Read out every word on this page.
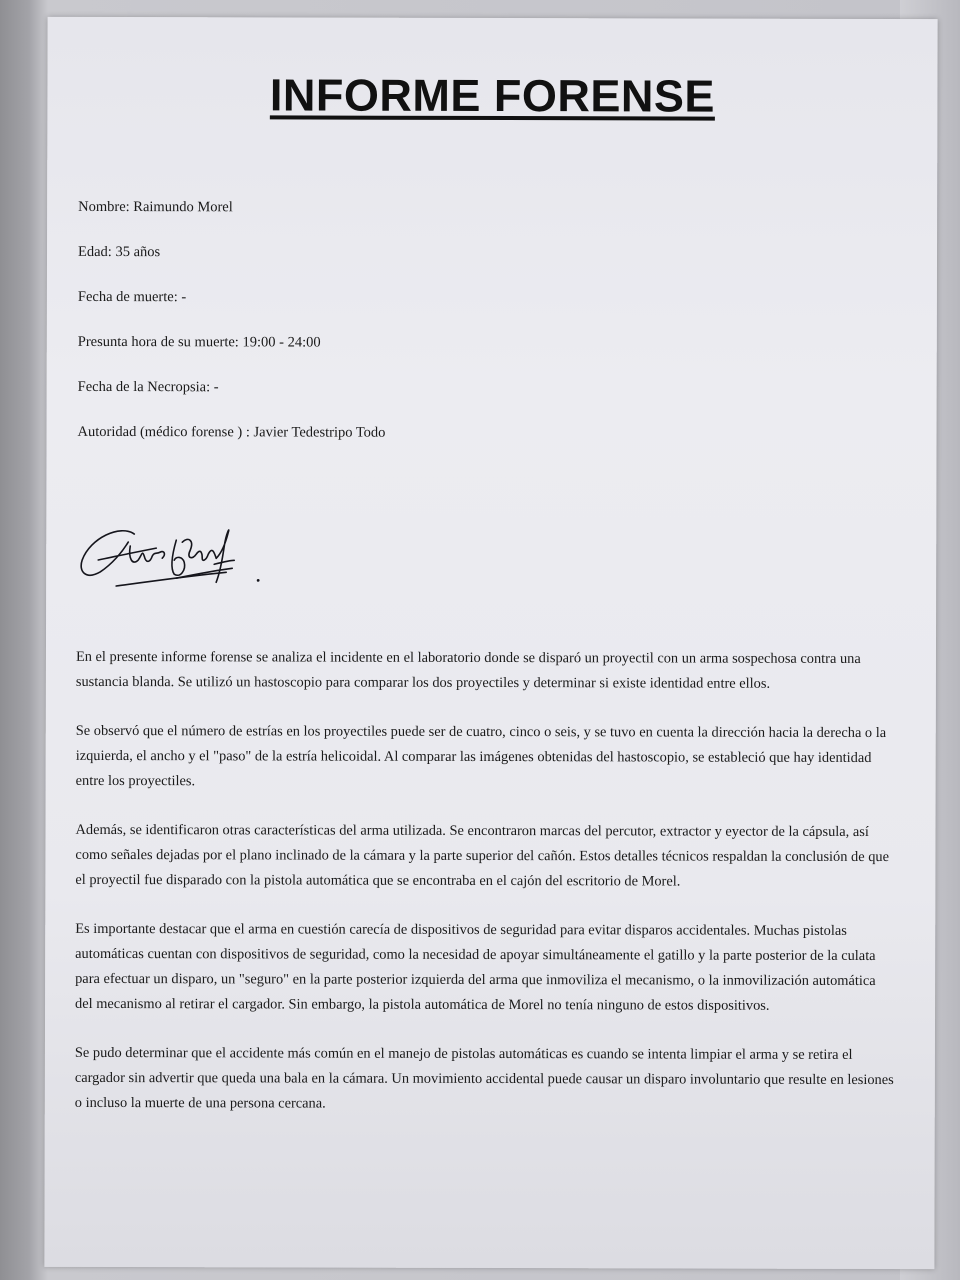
INFORME FORENSE
Nombre: Raimundo Morel
Edad: 35 años
Fecha de muerte: -
Presunta hora de su muerte: 19:00 - 24:00
Fecha de la Necropsia: -
Autoridad (médico forense ) : Javier Tedestripo Todo

En el presente informe forense se analiza el incidente en el laboratorio donde se disparó un proyectil con un arma sospechosa contra una sustancia blanda. Se utilizó un hastoscopio para comparar los dos proyectiles y determinar si existe identidad entre ellos.

Se observó que el número de estrías en los proyectiles puede ser de cuatro, cinco o seis, y se tuvo en cuenta la dirección hacia la derecha o la izquierda, el ancho y el "paso" de la estría helicoidal. Al comparar las imágenes obtenidas del hastoscopio, se estableció que hay identidad entre los proyectiles.

Además, se identificaron otras características del arma utilizada. Se encontraron marcas del percutor, extractor y eyector de la cápsula, así como señales dejadas por el plano inclinado de la cámara y la parte superior del cañón. Estos detalles técnicos respaldan la conclusión de que el proyectil fue disparado con la pistola automática que se encontraba en el cajón del escritorio de Morel.

Es importante destacar que el arma en cuestión carecía de dispositivos de seguridad para evitar disparos accidentales. Muchas pistolas automáticas cuentan con dispositivos de seguridad, como la necesidad de apoyar simultáneamente el gatillo y la parte posterior de la culata para efectuar un disparo, un "seguro" en la parte posterior izquierda del arma que inmoviliza el mecanismo, o la inmovilización automática del mecanismo al retirar el cargador. Sin embargo, la pistola automática de Morel no tenía ninguno de estos dispositivos.

Se pudo determinar que el accidente más común en el manejo de pistolas automáticas es cuando se intenta limpiar el arma y se retira el cargador sin advertir que queda una bala en la cámara. Un movimiento accidental puede causar un disparo involuntario que resulte en lesiones o incluso la muerte de una persona cercana.
